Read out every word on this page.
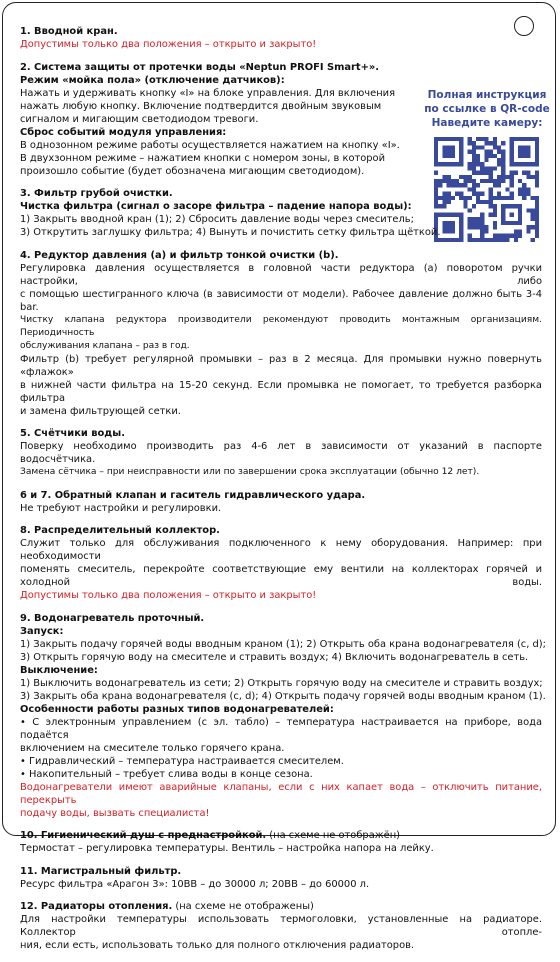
Полная инструкция
по ссылке в QR-code
Наведите камеру:
1. Вводной кран.
Допустимы только два положения – открыто и закрыто!
2. Система защиты от протечки воды «Neptun PROFI Smart+».
Режим «мойка пола» (отключение датчиков):
Нажать и удерживать кнопку «I» на блоке управления. Для включения
нажать любую кнопку. Включение подтвердится двойным звуковым
сигналом и мигающим светодиодом тревоги.
Сброс событий модуля управления:
В однозонном режиме работы осуществляется нажатием на кнопку «I».
В двухзонном режиме – нажатием кнопки с номером зоны, в которой
произошло событие (будет обозначена мигающим светодиодом).
3. Фильтр грубой очистки.
Чистка фильтра (сигнал о засоре фильтра – падение напора воды):
1) Закрыть вводной кран (1); 2) Сбросить давление воды через смеситель;
3) Открутить заглушку фильтра; 4) Вынуть и почистить сетку фильтра щёткой.
4. Редуктор давления (а) и фильтр тонкой очистки (b).
Регулировка давления осуществляется в головной части редуктора (а) поворотом ручки настройки, либо
с помощью шестигранного ключа (в зависимости от модели). Рабочее давление должно быть 3-4 bar.
Чистку клапана редуктора производители рекомендуют проводить монтажным организациям. Периодичность
обслуживания клапана – раз в год.
Фильтр (b) требует регулярной промывки – раз в 2 месяца. Для промывки нужно повернуть «флажок»
в нижней части фильтра на 15-20 секунд. Если промывка не помогает, то требуется разборка фильтра
и замена фильтрующей сетки.
5. Счётчики воды.
Поверку необходимо производить раз 4-6 лет в зависимости от указаний в паспорте водосчётчика.
Замена сётчика – при неисправности или по завершении срока эксплуатации (обычно 12 лет).
6 и 7. Обратный клапан и гаситель гидравлического удара.
Не требуют настройки и регулировки.
8. Распределительный коллектор.
Служит только для обслуживания подключенного к нему оборудования. Например: при необходимости
поменять смеситель, перекройте соответствующие ему вентили на коллекторах горячей и холодной воды.
Допустимы только два положения – открыто и закрыто!
9. Водонагреватель проточный.
Запуск:
1) Закрыть подачу горячей воды вводным краном (1); 2) Открыть оба крана водонагревателя (c, d);
3) Открыть горячую воду на смесителе и стравить воздух; 4) Включить водонагреватель в сеть.
Выключение:
1) Выключить водонагреватель из сети; 2) Открыть горячую воду на смесителе и стравить воздух;
3) Закрыть оба крана водонагревателя (c, d); 4) Открыть подачу горячей воды вводным краном (1).
Особенности работы разных типов водонагревателей:
• С электронным управлением (с эл. табло) – температура настраивается на приборе, вода подаётся
включением на смесителе только горячего крана.
• Гидравлический – температура настраивается смесителем.
• Накопительный – требует слива воды в конце сезона.
Водонагреватели имеют аварийные клапаны, если с них капает вода – отключить питание, перекрыть
подачу воды, вызвать специалиста!
10. Гигиенический душ с преднастройкой. (на схеме не отображён)
Термостат – регулировка температуры. Вентиль – настройка напора на лейку.
11. Магистральный фильтр.
Ресурс фильтра «Арагон 3»: 10ВВ – до 30000 л; 20ВВ – до 60000 л.
12. Радиаторы отопления. (на схеме не отображены)
Для настройки температуры использовать термоголовки, установленные на радиаторе. Коллектор отопле-
ния, если есть, использовать только для полного отключения радиаторов.
